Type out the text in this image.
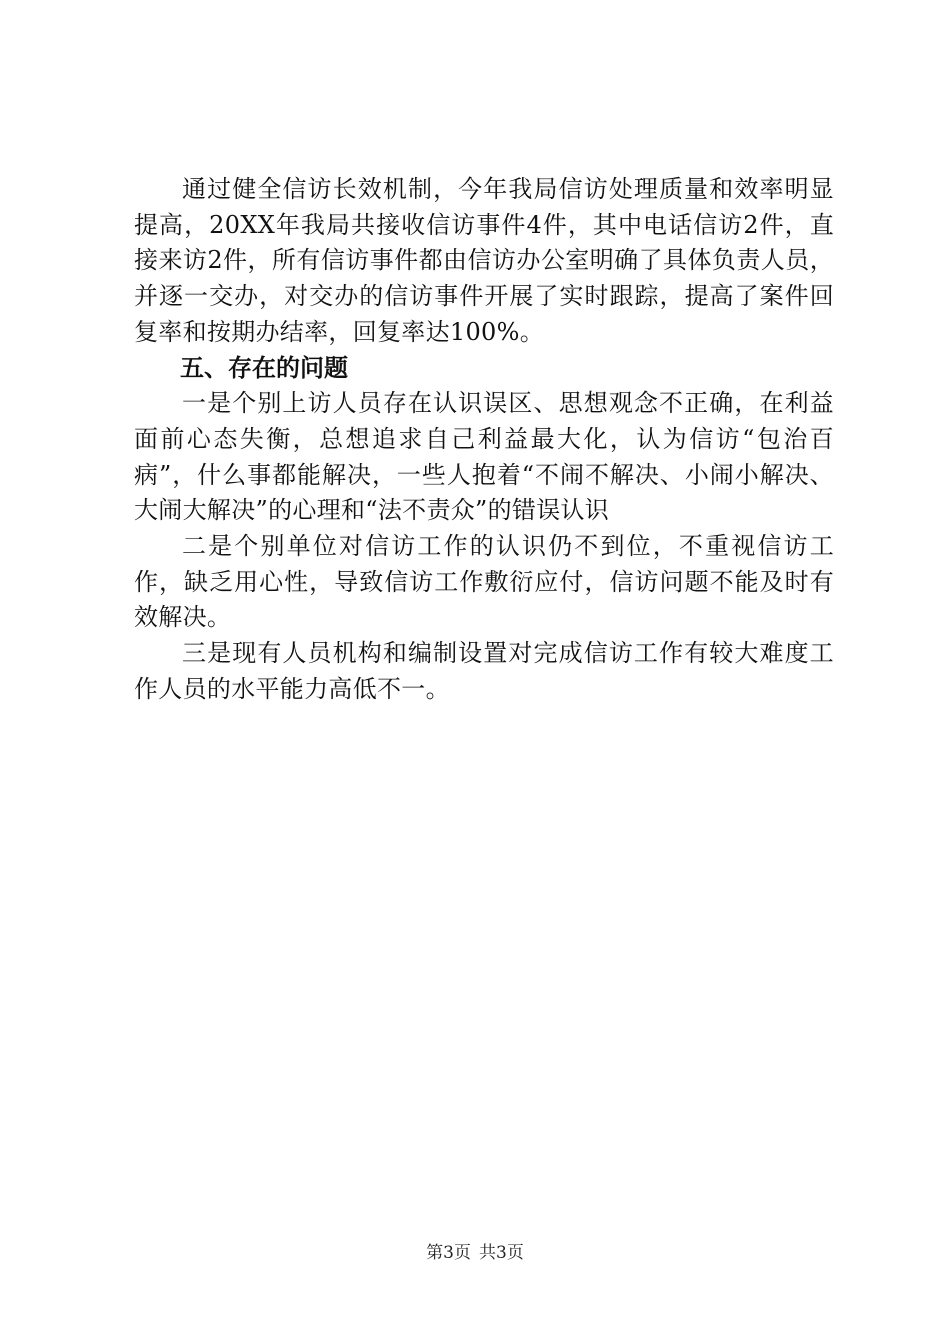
通过健全信访长效机制，今年我局信访处理质量和效率明显提高，20XX年我局共接收信访事件4件，其中电话信访2件，直接来访2件，所有信访事件都由信访办公室明确了具体负责人员，并逐一交办，对交办的信访事件开展了实时跟踪，提高了案件回复率和按期办结率，回复率达100%。

五、存在的问题

一是个别上访人员存在认识误区、思想观念不正确，在利益面前心态失衡，总想追求自己利益最大化，认为信访“包治百病”，什么事都能解决，一些人抱着“不闹不解决、小闹小解决、大闹大解决”的心理和“法不责众”的错误认识

二是个别单位对信访工作的认识仍不到位，不重视信访工作，缺乏用心性，导致信访工作敷衍应付，信访问题不能及时有效解决。

三是现有人员机构和编制设置对完成信访工作有较大难度工作人员的水平能力高低不一。

第3页 共3页
